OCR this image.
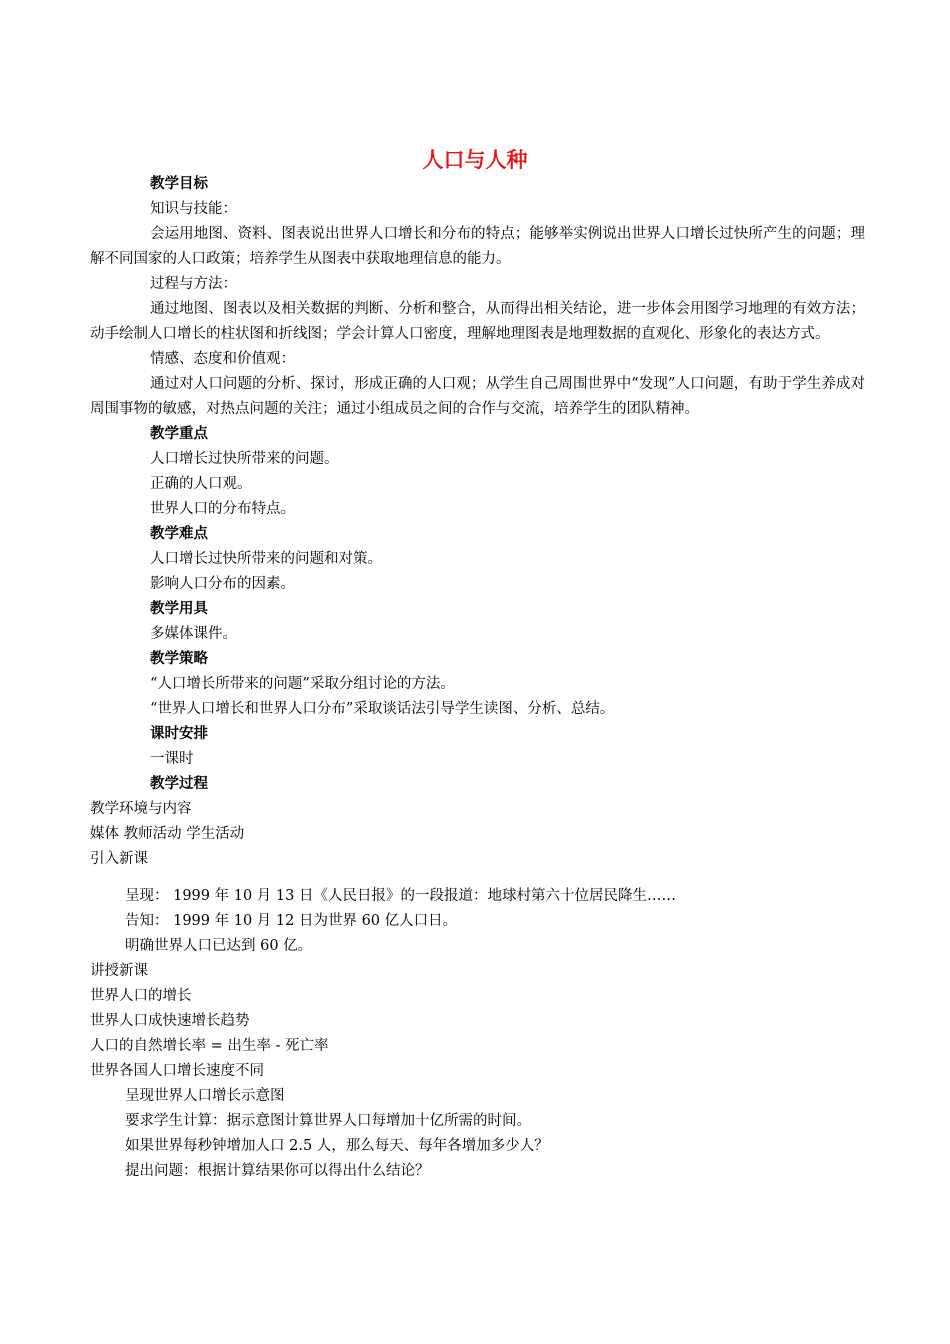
人口与人种

教学目标

知识与技能：

会运用地图、资料、图表说出世界人口增长和分布的特点；能够举实例说出世界人口增长过快所产生的问题；理解不同国家的人口政策；培养学生从图表中获取地理信息的能力。

过程与方法：

通过地图、图表以及相关数据的判断、分析和整合，从而得出相关结论，进一步体会用图学习地理的有效方法；动手绘制人口增长的柱状图和折线图；学会计算人口密度，理解地理图表是地理数据的直观化、形象化的表达方式。

情感、态度和价值观：

通过对人口问题的分析、探讨，形成正确的人口观；从学生自己周围世界中“发现”人口问题，有助于学生养成对周围事物的敏感，对热点问题的关注；通过小组成员之间的合作与交流，培养学生的团队精神。

教学重点

人口增长过快所带来的问题。

正确的人口观。

世界人口的分布特点。

教学难点

人口增长过快所带来的问题和对策。

影响人口分布的因素。

教学用具

多媒体课件。

教学策略

“人口增长所带来的问题”采取分组讨论的方法。

“世界人口增长和世界人口分布”采取谈话法引导学生读图、分析、总结。

课时安排

一课时

教学过程

教学环境与内容

媒体 教师活动 学生活动

引入新课

呈现： 1999 年 10 月 13 日《人民日报》的一段报道：地球村第六十位居民降生……

告知： 1999 年 10 月 12 日为世界 60 亿人口日。

明确世界人口已达到 60 亿。

讲授新课

世界人口的增长

世界人口成快速增长趋势

人口的自然增长率 = 出生率 - 死亡率

世界各国人口增长速度不同

呈现世界人口增长示意图

要求学生计算：据示意图计算世界人口每增加十亿所需的时间。

如果世界每秒钟增加人口 2.5 人，那么每天、每年各增加多少人？

提出问题：根据计算结果你可以得出什么结论？
